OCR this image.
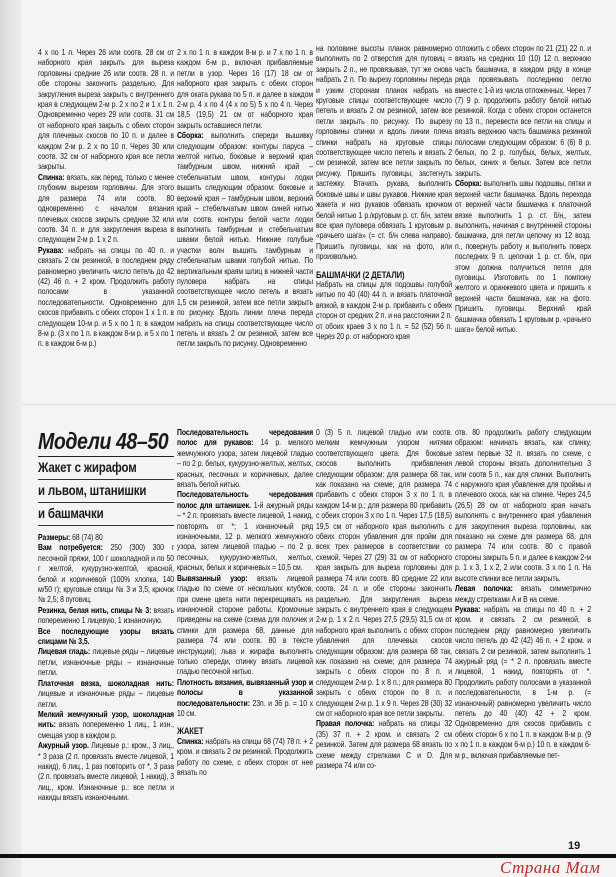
4 х по 1 п. Через 26 или соотв. 28 см от наборного края закрыть для выреза горловины средние 26 или соотв. 28 п. и обе стороны закончить раздельно. Для закругления выреза закрыть с внутреннего края в следующем 2-м р. 2 х по 2 и 1 х 1 п. Одновременно через 29 или соотв. 31 см от наборного края закрыть с обеих сторон для плечевых скосов по 10 п. и далее в каждом 2-м р. 2 х по 10 п. Через 30 или соотв. 32 см от наборного края все петли закрыты.

Спинка: вязать, как перед, только с менее глубоким вырезом горловины. Для этого для размера 74 или соотв. 80 одновременно с началом вязания плечевых скосов закрыть средние 32 или соотв. 34 п. и для закругления выреза в следующем 2-м р. 1 х 2 п.

Рукава: набрать на спицы по 40 п. и связать 2 см резинкой, в последнем ряду равномерно увеличить число петель до 42 (42) 46 п. + 2 кром. Продолжить работу полосами в указанной последовательности. Одновременно для скосов прибавить с обеих сторон 1 х 1 п. в следующем 10-м р. и 5 х по 1 п. в каждом 8-м р. (3 х по 1 п. в каждом 8-м р. и 5 х по 1 п. в каждом 6-м р.)

2 х по 1 п. в каждом 8-м р. и 7 х по 1 п. в каждом 6-м р., включая прибавляемые петли в узор. Через 16 (17) 18 см от наборного края закрыть с обеих сторон для оката рукава по 5 п. и далее в каждом 2-м р. 4 х по 4 (4 х по 5) 5 х по 4 п. Через 18,5 (19,5) 21 см от наборного края закрыть оставшиеся петли.

Сборка: выполнить спереди вышивку следующим образом: контуры паруса – желтой нитью, боковые и верхний края тамбурным швом, нижний край – стебельчатым швом, контуры лодки вышить следующим образом: боковые и верхний края – тамбурным швом, верхний край – стебельчатым швом синей нитью или соотв. контуры белой части лодки выполнить тамбурным и стебельчатым швами белой нитью. Нижние голубые участки волн вышить тамбурным и стебельчатым швами голубой нитью. По вертикальным краям шлиц в нижней части пуловера набрать на спицы соответствующее число петель и вязать 1,5 см резинкой, затем все петли закрыть по рисунку. Вдоль линии плеча переда набрать на спицы соответствующее число петель и вязать 2 см резинкой, затем все петли закрыть по рисунку. Одновременно

на половине высоты планок равномерно выполнить по 2 отверстия для пуговиц = закрыть 2 п., не провязывая, тут же снова набрать 2 п. По вырезу горловины переда и узким сторонам планок набрать на круговые спицы соответствующее число петель и вязать 2 см резинкой, затем все петли закрыть по рисунку. По вырезу горловины спинки и вдоль линии плеча спинки набрать на круговые спицы соответствующее число петель и вязать 2 см резинкой, затем все петли закрыть по рисунку. Пришить пуговицы, застегнуть застежку. Втачать рукава, выполнить боковые швы и швы рукавов. Нижние края жакета и низ рукавов обвязать крючком белой нитью 1 р./круговым р. ст. б/н, затем все края пуловера обвязать 1 круговым р. «рачьего шага» (= ст. б/н слева направо). Пришить пуговицы, как на фото, или произвольно.

БАШМАЧКИ (2 ДЕТАЛИ)

Набрать на спицы для подошвы голубой нитью по 40 (40) 44 п. и вязать платочной вязкой, в каждом 2-м р. прибавить с обеих сторон от средних 2 п. и на расстоянии 2 п. от обоих краев 3 х по 1 п. = 52 (52) 56 п. Через 20 р. от наборного края

отложить с обеих сторон по 21 (21) 22 п. и вязать на средних 10 (10) 12 п. верхнюю часть башмачка, в каждом ряду в конце ряда провязывать последнюю петлю вместе с 1-й из числа отложенных. Через 7 (7) 9 р. продолжить работу белой нитью резинкой. Когда с обеих сторон останется по 13 п., перевести все петли на спицы и вязать верхнюю часть башмачка резинкой полосами следующим образом: 6 (6) 8 р. белых, по 2 р. голубых, белых, желтых, белых, синих и белых. Затем все петли закрыть.

Сборка: выполнить швы подошвы, пятки и верхней части башмачка. Вдоль перехода от верхней части башмачка к платочной вязке выполнить 1 р. ст. б/н,, затем выполнить, начиная с внутренней стороны башмачка, для петли цепочку из 12 возд. п., повернуть работу и выполнить поверх последних 9 п. цепочки 1 р. ст. б/н, при этом должна получиться петля для пуговицы. Изготовить по 1 помпону желтого и оранжевого цвета и пришить к верхней части башмачка, как на фото. Пришить пуговицы. Верхний край башмачка обвязать 1 круговым р. «рачьего шага» белой нитью.

Модели 48–50
Жакет с жирафом
и львом, штанишки
и башмачки

Размеры: 68 (74) 80

Вам потребуется: 250 (300) 300 г песочной пряжи, 100 г шоколадной и по 50 г желтой, кукурузно-желтой, красной, белой и коричневой (100% хлопка, 140 м/50 г); круговые спицы № 3 и 3,5; крючок № 2,5; 8 пуговиц.

Резинка, белая нить, спицы № 3: вязать попеременно 1 лицевую, 1 изнаночную.

Все последующие узоры вязать спицами № 3,5.

Лицевая гладь: лицевые ряды – лицевые петли, изнаночные ряды – изнаночные петли.

Платочная вязка, шоколадная нить: лицевые и изнаночные ряды – лицевые петли.

Мелкий жемчужный узор, шоколадная нить: вязать попеременно 1 лиц., 1 изн., смещая узор в каждом р.

Ажурный узор. Лицевые р.: кром., 3 лиц., * 3 раза (2 п. провязать вместе лицевой, 1 накид), 6 лиц., 1 раз повторить от *, 3 раза (2 п. провязать вместе лицевой, 1 накид), 3 лиц., кром. Изнаночные р.: все петли и накиды вязать изнаночными.

Последовательность чередования полос для рукавов: 14 р. мелкого жемчужного узора, затем лицевой гладью – по 2 р. белых, кукурузно-желтых, желтых, красных, песочных и коричневых, далее вязать белой нитью.

Последовательность чередования полос для штанишек. 1-й ажурный ряды – * 2 п. провязать вместе лицевой, 1 накид, повторять от *; 1 изнаночный ряд изнаночными, 12 р. мелкого жемчужного узора, затем лицевой гладью – по 2 р. песочных, кукурузно-желтых, желтых, красных, белых и коричневых = 10,5 см.

Вывязанный узор: вязать лицевой гладью по схеме от нескольких клубков, при смене цвета нити перекрещивать на изнаночной стороне работы. Кромочные приведены на схеме (схема для полочек и спинки для размера 68, данные для размера 74 или соотв. 80 в тексте инструкции); льва и жирафа выполнять только спереди, спинку вязать лицевой гладью песочной нитью.

Плотность вязания, вывязанный узор и полосы в указанной последовательности: 23п. и 36 р. = 10 х 10 см.

ЖАКЕТ

Спинка: набрать на спицы 68 (74) 78 п. + 2 кром. и связать 2 см резинкой. Продолжить работу по схеме, с обеих сторон от нее вязать по

0 (3) 5 п. лицевой гладью или соотв. мелким жемчужным узором нитями соответствующего цвета. Для боковые скосов выполнить прибавления следующим образом: для размера 68 так, как показано на схеме; для размера 74 прибавить с обеих сторон 3 х по 1 п. в каждом 14-м р.; для размера 80 прибавить с обеих сторон 3 х по 1 п. Через 17,5 (18,5) 19,5 см от наборного края выполнить с обеих сторон убавления для пройм для всех трех размеров в соответствии со схемой. Через 27 (29) 31 см от наборного края закрыть для выреза горловины для размера 74 или соотв. 80 средние 22 или соотв. 24 п. и обе стороны закончить раздельно. Для закругления выреза закрыть с внутреннего края в следующем 2-м р. 1 х 2 п. Через 27,5 (29,5) 31,5 см от наборного края выполнить с обеих сторон убавления для плечевых скосов следующим образом: для размера 68 так, как показано на схеме; для размера 74 закрыть с обеих сторон по 8 п. и следующем 2-м р. 1 х 8 п.; для размера 80 закрыть с обеих сторон по 8 п. и следующем 2-м р. 1 х 9 п. Через 28 (30) 32 см от наборного края все петли закрыты.

Правая полочка: набрать на спицы 32 (35) 37 п. + 2 кром. и связать 2 см резинкой. Затем для размера 68 вязать по схеме между стрелками C и D. Для размера 74 или со-

отв. 80 продолжить работу следующим образом: начинать вязать, как спинку, затем первые 32 п. вязать по схеме, с левой стороны вязать дополнительно 3 или соотв 5 п., как для спинки. Выполнить с наружного края убавления для проймы и плечевого скоса, как на спинке. Через 24,5 (26,5) 28 см от наборного края начать выполнять с внутреннего края убавления для закругления выреза горловины, как показано на схеме для размера 68, для размера 74 или соотв. 80 с правой стороны закрыть 5 п. и далее в каждом 2-м р. 1 х 3, 1 х 2, 2 или соотв. 3 х по 1 п. На высоте спинки все петли закрыть.

Левая полочка: вязать симметрично между стрелками A и B на схеме.

Рукава: набрать на спицы по 40 п. + 2 кром. и связать 2 см резинкой, в последнем ряду равномерно увеличить число петель до 42 (42) 46 п. + 2 кром. и связать 2 см резинкой, затем выполнить 1 ажурный ряд (= * 2 п. провязать вместе лицевой, 1 накид, повторять от *. Продолжить работу полосами в указанной последовательности, в 1-м р. (= изнаночный) равномерно увеличить число петель до 40 (40) 42 + 2 кром. Одновременно для скосов прибавить с обеих сторон 6 х по 1 п. в каждом 8-м р. (9 х по 1 п. в каждом 6-м р.) 10 п. в каждом 6-м р., включая прибавляемые пет-

19
Страна Мам
